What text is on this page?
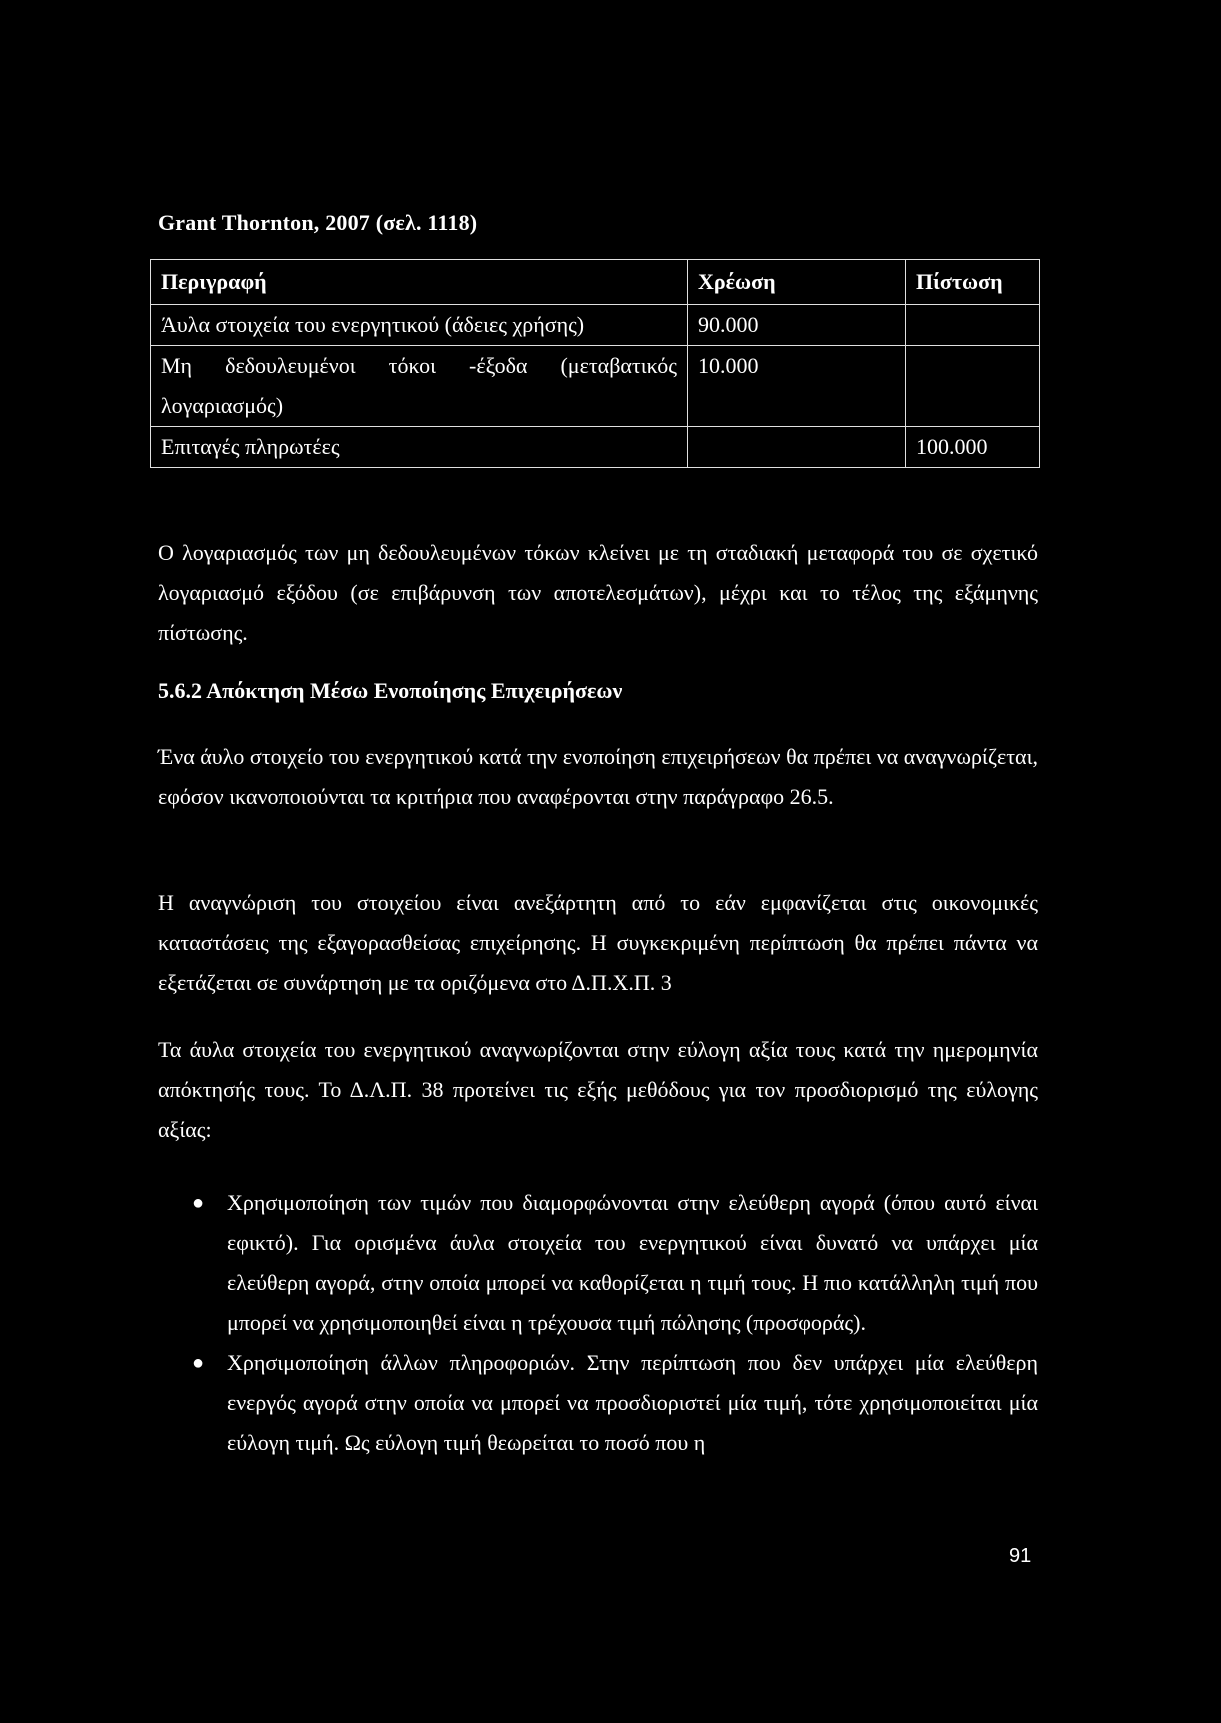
Grant Thornton, 2007 (σελ. 1118)
Περιγραφή	Χρέωση	Πίστωση
Άυλα στοιχεία του ενεργητικού (άδειες χρήσης)	90.000	
Μη δεδουλευμένοι τόκοι -έξοδα (μεταβατικός λογαριασμός)	10.000	
Επιταγές πληρωτέες		100.000

Ο λογαριασμός των μη δεδουλευμένων τόκων κλείνει με τη σταδιακή μεταφορά του σε σχετικό λογαριασμό εξόδου (σε επιβάρυνση των αποτελεσμάτων), μέχρι και το τέλος της εξάμηνης πίστωσης.

5.6.2 Απόκτηση Μέσω Ενοποίησης Επιχειρήσεων

Ένα άυλο στοιχείο του ενεργητικού κατά την ενοποίηση επιχειρήσεων θα πρέπει να αναγνωρίζεται, εφόσον ικανοποιούνται τα κριτήρια που αναφέρονται στην παράγραφο 26.5.

Η αναγνώριση του στοιχείου είναι ανεξάρτητη από το εάν εμφανίζεται στις οικονομικές καταστάσεις της εξαγορασθείσας επιχείρησης. Η συγκεκριμένη περίπτωση θα πρέπει πάντα να εξετάζεται σε συνάρτηση με τα οριζόμενα στο Δ.Π.Χ.Π. 3

Τα άυλα στοιχεία του ενεργητικού αναγνωρίζονται στην εύλογη αξία τους κατά την ημερομηνία απόκτησής τους. Το Δ.Λ.Π. 38 προτείνει τις εξής μεθόδους για τον προσδιορισμό της εύλογης αξίας:

● Χρησιμοποίηση των τιμών που διαμορφώνονται στην ελεύθερη αγορά (όπου αυτό είναι εφικτό). Για ορισμένα άυλα στοιχεία του ενεργητικού είναι δυνατό να υπάρχει μία ελεύθερη αγορά, στην οποία μπορεί να καθορίζεται η τιμή τους. Η πιο κατάλληλη τιμή που μπορεί να χρησιμοποιηθεί είναι η τρέχουσα τιμή πώλησης (προσφοράς).
● Χρησιμοποίηση άλλων πληροφοριών. Στην περίπτωση που δεν υπάρχει μία ελεύθερη ενεργός αγορά στην οποία να μπορεί να προσδιοριστεί μία τιμή, τότε χρησιμοποιείται μία εύλογη τιμή. Ως εύλογη τιμή θεωρείται το ποσό που η
91
